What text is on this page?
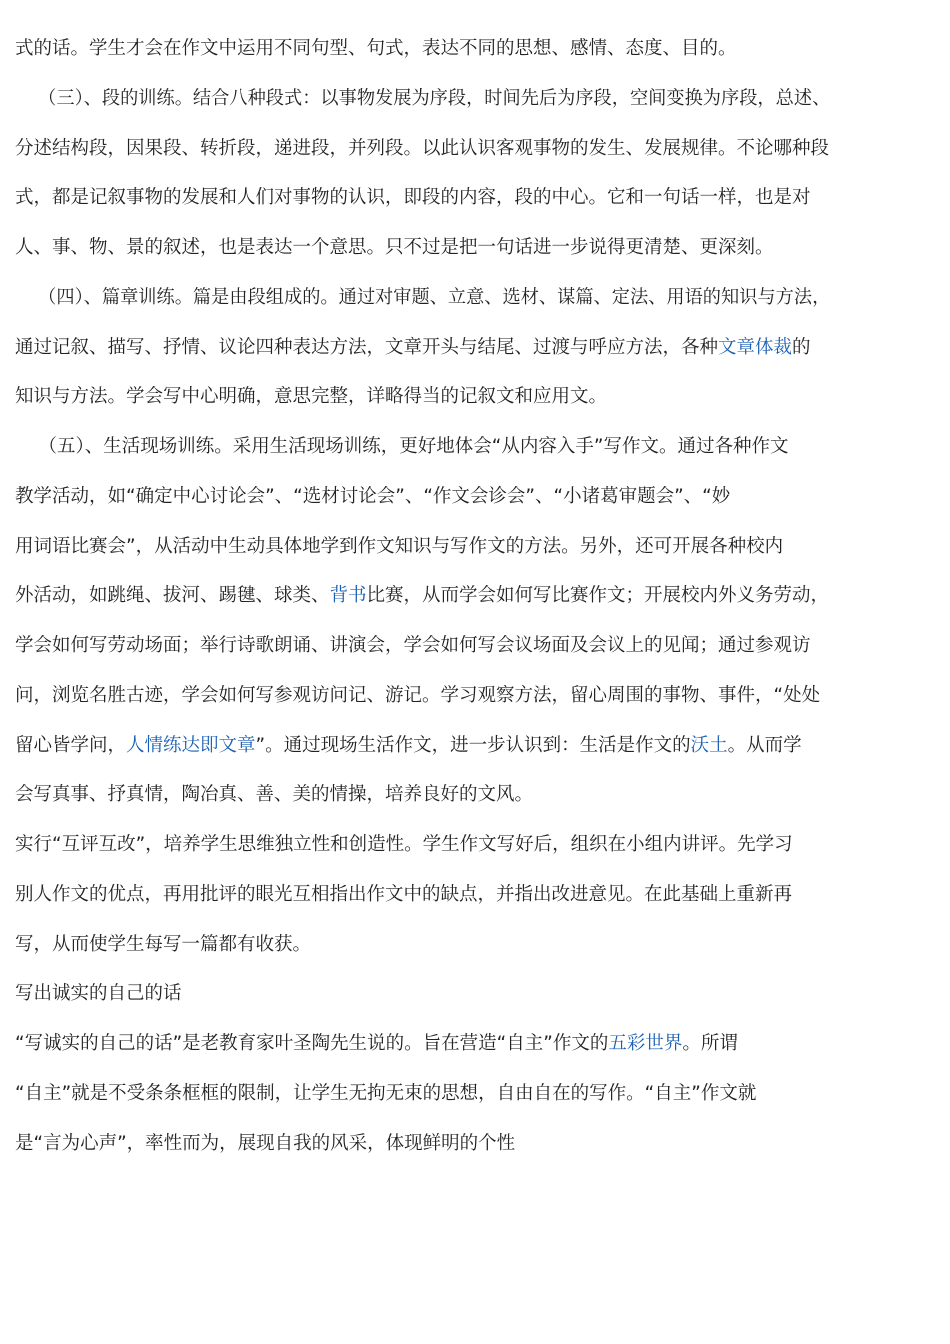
式的话。学生才会在作文中运用不同句型、句式，表达不同的思想、感情、态度、目的。
（三）、段的训练。结合八种段式：以事物发展为序段，时间先后为序段，空间变换为序段，总述、
分述结构段，因果段、转折段，递进段，并列段。以此认识客观事物的发生、发展规律。不论哪种段
式，都是记叙事物的发展和人们对事物的认识，即段的内容，段的中心。它和一句话一样，也是对
人、事、物、景的叙述，也是表达一个意思。只不过是把一句话进一步说得更清楚、更深刻。
（四）、篇章训练。篇是由段组成的。通过对审题、立意、选材、谋篇、定法、用语的知识与方法，
通过记叙、描写、抒情、议论四种表达方法，文章开头与结尾、过渡与呼应方法，各种文章体裁的
知识与方法。学会写中心明确，意思完整，详略得当的记叙文和应用文。
（五）、生活现场训练。采用生活现场训练，更好地体会“从内容入手”写作文。通过各种作文
教学活动，如“确定中心讨论会”、“选材讨论会”、“作文会诊会”、“小诸葛审题会”、“妙
用词语比赛会”，从活动中生动具体地学到作文知识与写作文的方法。另外，还可开展各种校内
外活动，如跳绳、拔河、踢毽、球类、背书比赛，从而学会如何写比赛作文；开展校内外义务劳动，
学会如何写劳动场面；举行诗歌朗诵、讲演会，学会如何写会议场面及会议上的见闻；通过参观访
问，浏览名胜古迹，学会如何写参观访问记、游记。学习观察方法，留心周围的事物、事件，“处处
留心皆学问，人情练达即文章”。通过现场生活作文，进一步认识到：生活是作文的沃土。从而学
会写真事、抒真情，陶冶真、善、美的情操，培养良好的文风。
实行“互评互改”，培养学生思维独立性和创造性。学生作文写好后，组织在小组内讲评。先学习
别人作文的优点，再用批评的眼光互相指出作文中的缺点，并指出改进意见。在此基础上重新再
写，从而使学生每写一篇都有收获。
写出诚实的自己的话
“写诚实的自己的话”是老教育家叶圣陶先生说的。旨在营造“自主”作文的五彩世界。所谓
“自主”就是不受条条框框的限制，让学生无拘无束的思想，自由自在的写作。“自主”作文就
是“言为心声”，率性而为，展现自我的风采，体现鲜明的个性
